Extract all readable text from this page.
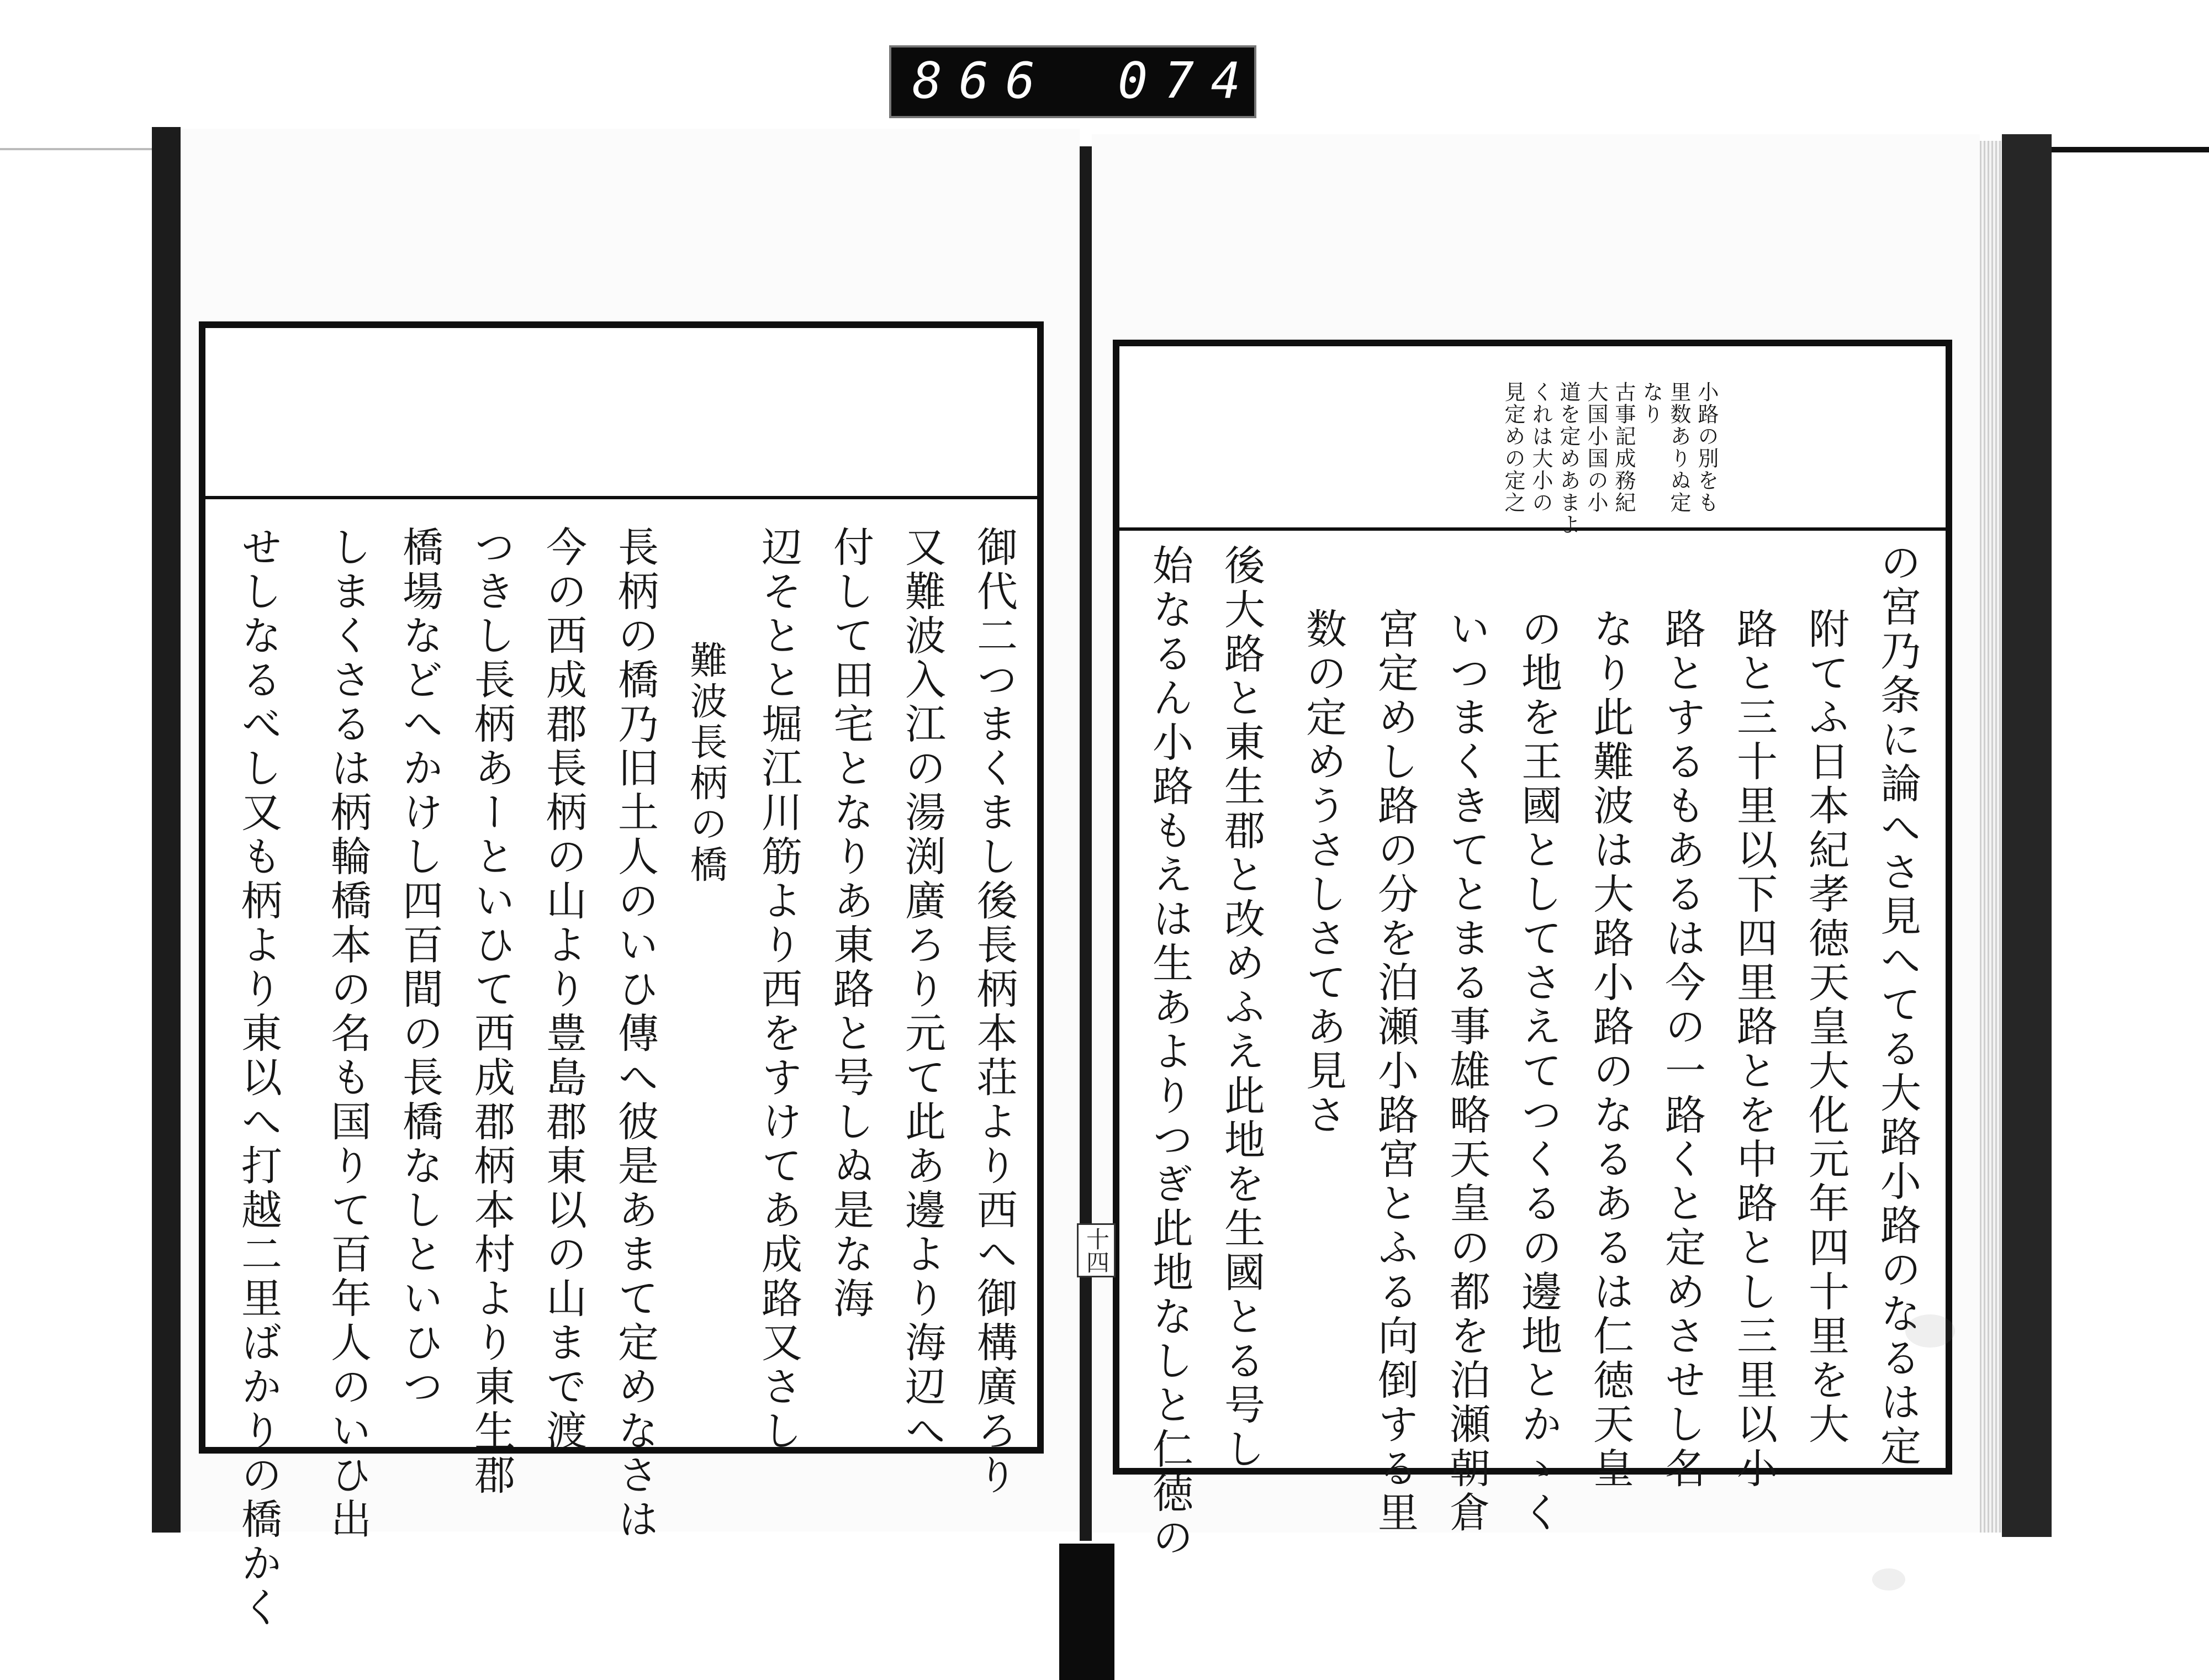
866 074
御代二つまくまし後長柄本荘より西へ御構廣ろり
又難波入江の湯渕廣ろり元て此あ邊より海辺へ
付して田宅となりあ東路と号しぬ是な海
辺そとと堀江川筋より西をすけてあ成路又さし
難波長柄の橋
長柄の橋乃旧土人のいひ傳へ彼是あまて定めなさは
今の西成郡長柄の山より豊島郡東以の山まで渡
つきし長柄あーといひて西成郡柄本村より東生郡
橋場などへかけし四百間の長橋なしといひつ
しまくさるは柄輪橋本の名も国りて百年人のいひ出
せしなるべし又も柄より東以へ打越二里ばかりの橋かく
小路の別をも
里数ありぬ定
なり
古事記成務紀
大国小国の小
道を定めあまよ
くれは大小の
見定めの定之
の宮乃条に論へさ見へてる大路小路のなるは定
附てふ日本紀孝徳天皇大化元年四十里を大
路と三十里以下四里路とを中路とし三里以小
路とするもあるは今の一路くと定めさせし名
なり此難波は大路小路のなるあるは仁徳天皇
の地を王國としてさえてつくるの邊地とかゝく
いつまくきてとまる事雄略天皇の都を泊瀬朝倉
宮定めし路の分を泊瀬小路宮とふる向倒する里
数の定めうさしさてあ見さ
後大路と東生郡と改めふえ此地を生國とる号し
始なるん小路もえは生あよりつぎ此地なしと仁徳の
十四
